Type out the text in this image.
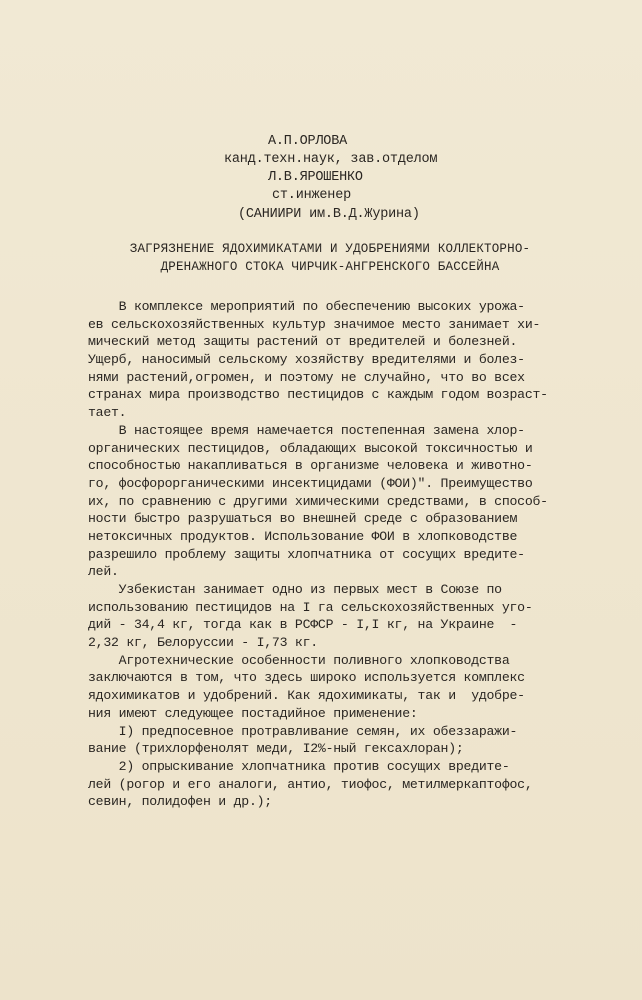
А.П.ОРЛОВА
канд.техн.наук, зав.отделом
Л.В.ЯРОШЕНКО
ст.инженер
(САНИИРИ им.В.Д.Журина)
ЗАГРЯЗНЕНИЕ ЯДОХИМИКАТАМИ И УДОБРЕНИЯМИ КОЛЛЕКТОРНО-
ДРЕНАЖНОГО СТОКА ЧИРЧИК-АНГРЕНСКОГО БАССЕЙНА
В комплексе мероприятий по обеспечению высоких урожа-
ев сельскохозяйственных культур значимое место занимает хи-
мический метод защиты растений от вредителей и болезней.
Ущерб, наносимый сельскому хозяйству вредителями и болез-
нями растений,огромен, и поэтому не случайно, что во всех
странах мира производство пестицидов с каждым годом возраст-
тает.
В настоящее время намечается постепенная замена хлор-
органических пестицидов, обладающих высокой токсичностью и
способностью накапливаться в организме человека и животно-
го, фосфорорганическими инсектицидами (ФОИ)". Преимущество
их, по сравнению с другими химическими средствами, в способ-
ности быстро разрушаться во внешней среде с образованием
нетоксичных продуктов. Использование ФОИ в хлопководстве
разрешило проблему защиты хлопчатника от сосущих вредите-
лей.
Узбекистан занимает одно из первых мест в Союзе по
использованию пестицидов на I га сельскохозяйственных уго-
дий - 34,4 кг, тогда как в РСФСР - I,I кг, на Украине  -
2,32 кг, Белоруссии - I,73 кг.
Агротехнические особенности поливного хлопководства
заключаются в том, что здесь широко используется комплекс
ядохимикатов и удобрений. Как ядохимикаты, так и  удобре-
ния имеют следующее постадийное применение:
I) предпосевное протравливание семян, их обеззаражи-
вание (трихлорфенолят меди, I2%-ный гексахлоран);
2) опрыскивание хлопчатника против сосущих вредите-
лей (рогор и его аналоги, антио, тиофос, метилмеркаптофос,
севин, полидофен и др.);
